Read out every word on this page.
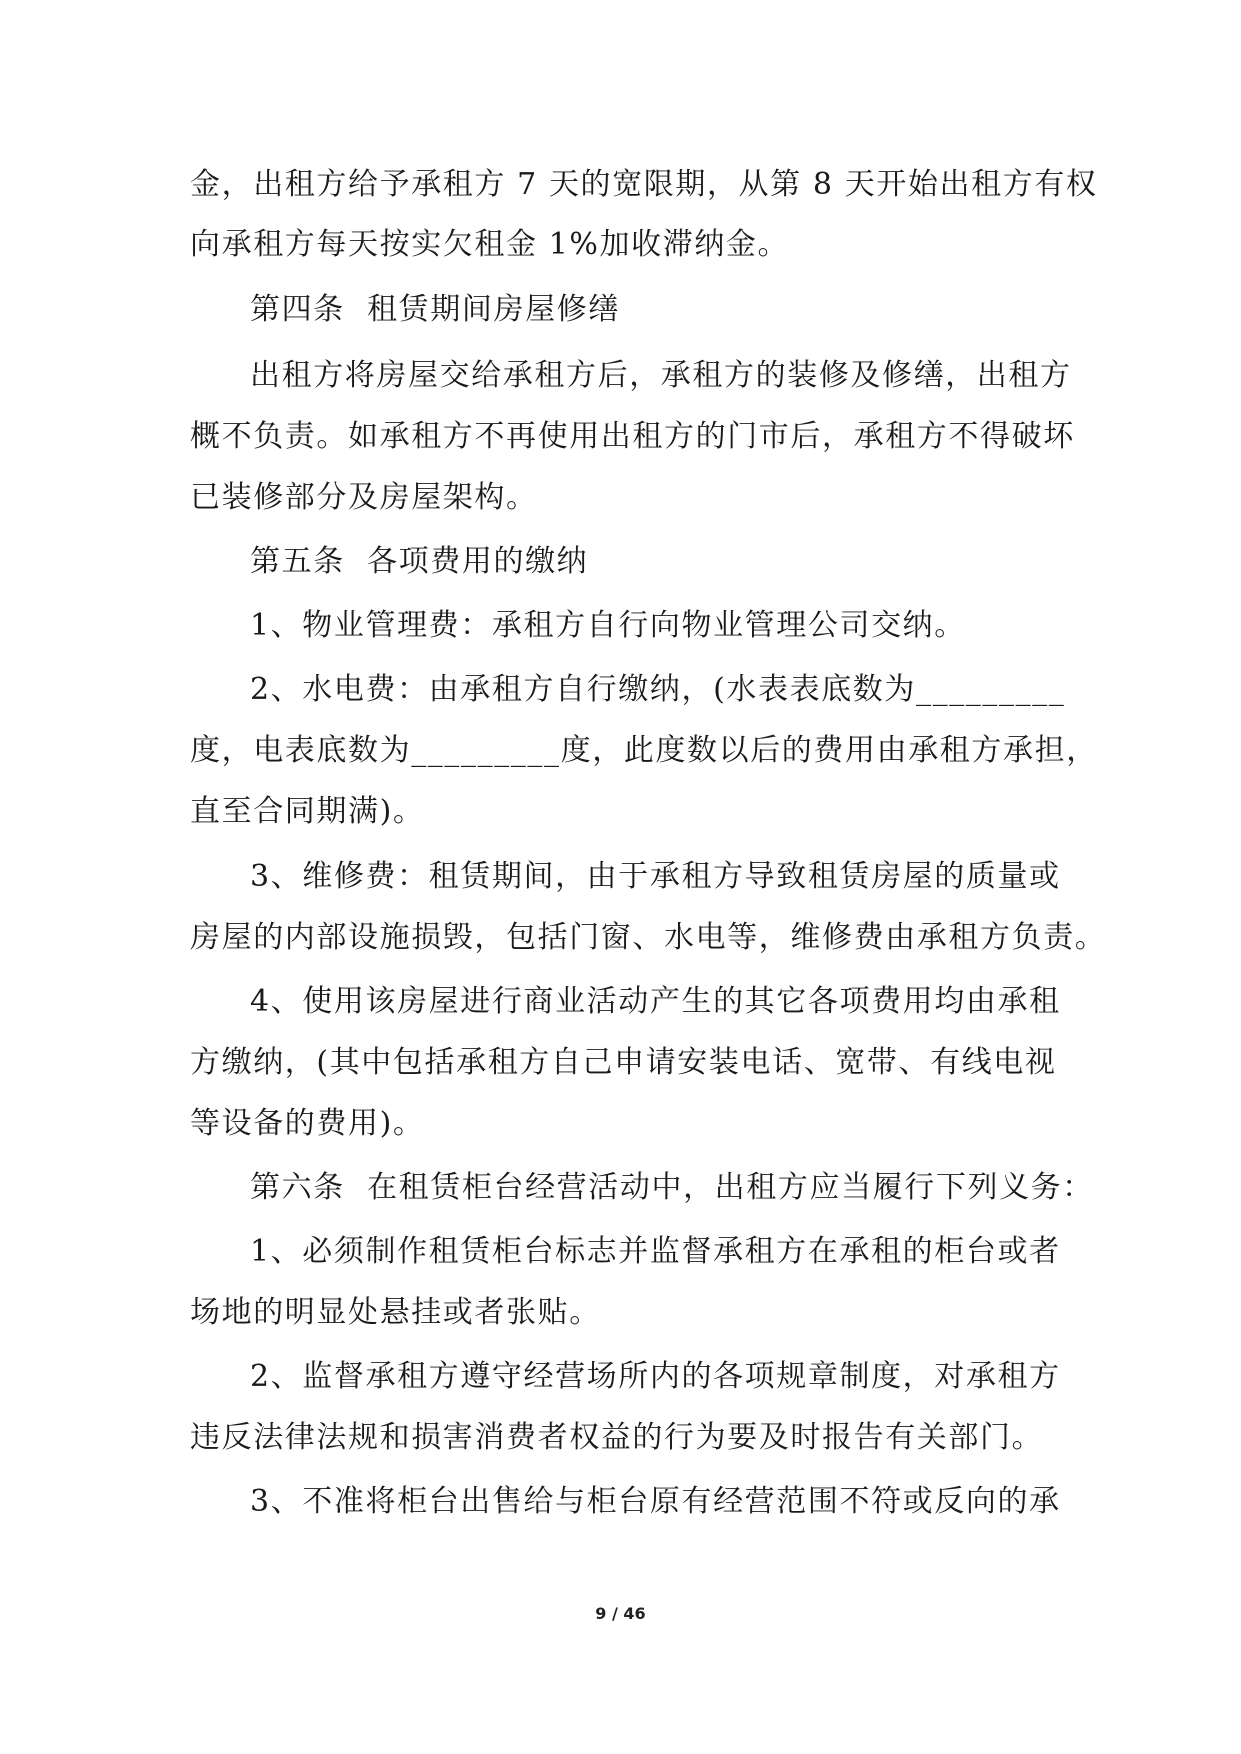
金，出租方给予承租方 7 天的宽限期，从第 8 天开始出租方有权
向承租方每天按实欠租金 1%加收滞纳金。
第四条  租赁期间房屋修缮
出租方将房屋交给承租方后，承租方的装修及修缮，出租方
概不负责。如承租方不再使用出租方的门市后，承租方不得破坏
已装修部分及房屋架构。
第五条  各项费用的缴纳
1、物业管理费：承租方自行向物业管理公司交纳。
2、水电费：由承租方自行缴纳，(水表表底数为_________
度，电表底数为_________度，此度数以后的费用由承租方承担，
直至合同期满)。
3、维修费：租赁期间，由于承租方导致租赁房屋的质量或
房屋的内部设施损毁，包括门窗、水电等，维修费由承租方负责。
4、使用该房屋进行商业活动产生的其它各项费用均由承租
方缴纳，(其中包括承租方自己申请安装电话、宽带、有线电视
等设备的费用)。
第六条  在租赁柜台经营活动中，出租方应当履行下列义务：
1、必须制作租赁柜台标志并监督承租方在承租的柜台或者
场地的明显处悬挂或者张贴。
2、监督承租方遵守经营场所内的各项规章制度，对承租方
违反法律法规和损害消费者权益的行为要及时报告有关部门。
3、不准将柜台出售给与柜台原有经营范围不符或反向的承
9 / 46
